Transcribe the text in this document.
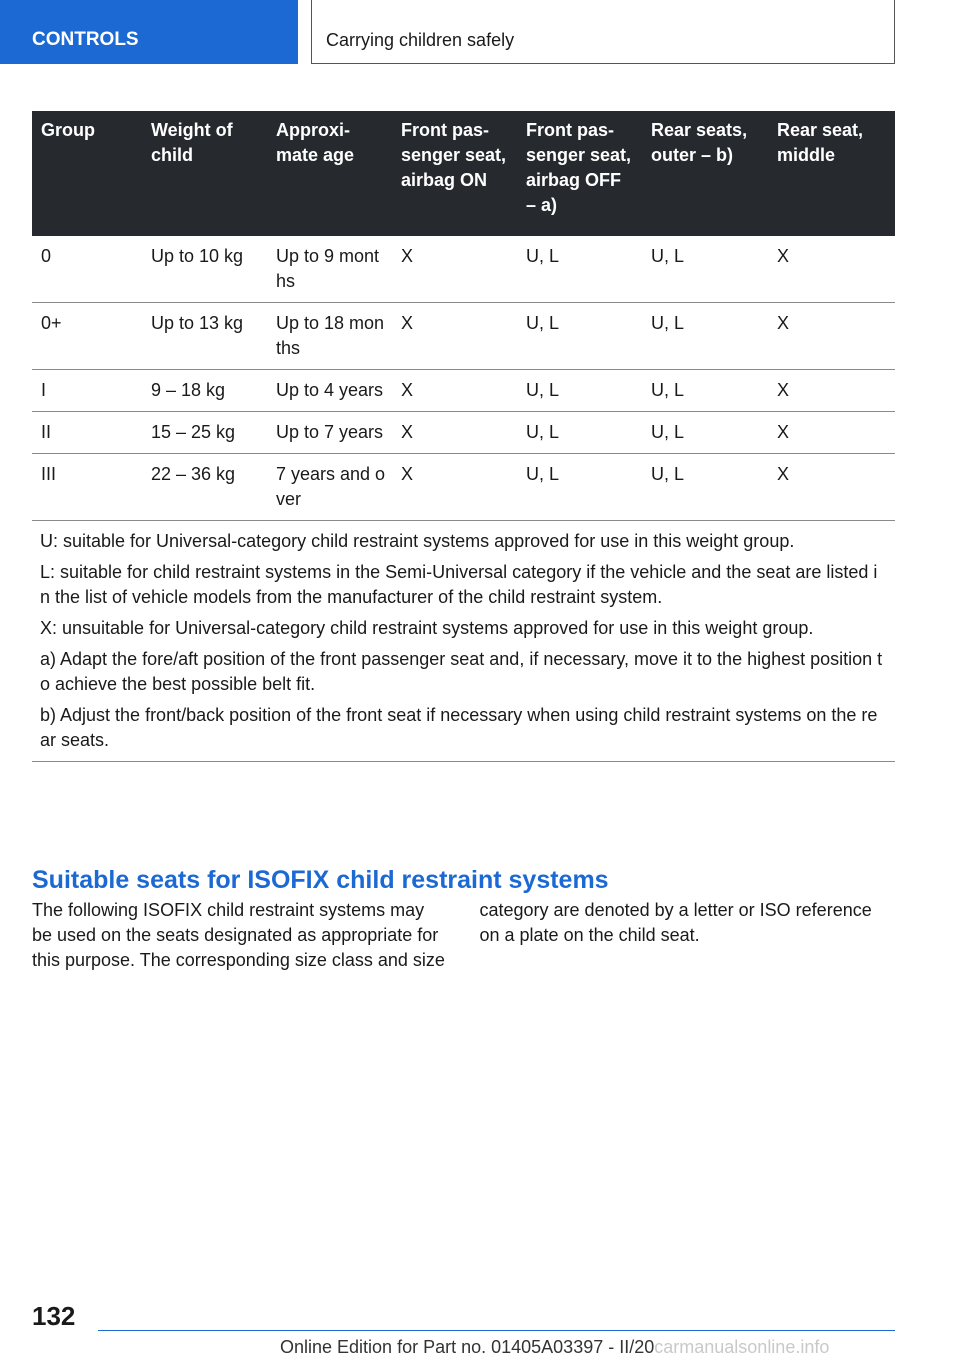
CONTROLS	Carrying children safely
Group	Weight of child	Approximate age	Front passenger seat, airbag ON	Front passenger seat, airbag OFF – a)	Rear seats, outer – b)	Rear seat, middle
0	Up to 10 kg	Up to 9 months	X	U, L	U, L	X
0+	Up to 13 kg	Up to 18 months	X	U, L	U, L	X
I	9 – 18 kg	Up to 4 years	X	U, L	U, L	X
II	15 – 25 kg	Up to 7 years	X	U, L	U, L	X
III	22 – 36 kg	7 years and over	X	U, L	U, L	X

U: suitable for Universal-category child restraint systems approved for use in this weight group.

L: suitable for child restraint systems in the Semi-Universal category if the vehicle and the seat are listed in the list of vehicle models from the manufacturer of the child restraint system.

X: unsuitable for Universal-category child restraint systems approved for use in this weight group.

a) Adapt the fore/aft position of the front passenger seat and, if necessary, move it to the highest position to achieve the best possible belt fit.

b) Adjust the front/back position of the front seat if necessary when using child restraint systems on the rear seats.						

Suitable seats for ISOFIX child restraint systems

The following ISOFIX child restraint systems may be used on the seats designated as appropriate for this purpose. The corresponding size class and size category are denoted by a letter or ISO reference on a plate on the child seat.

132
Online Edition for Part no. 01405A03397 - II/20carmanualsonline.info
